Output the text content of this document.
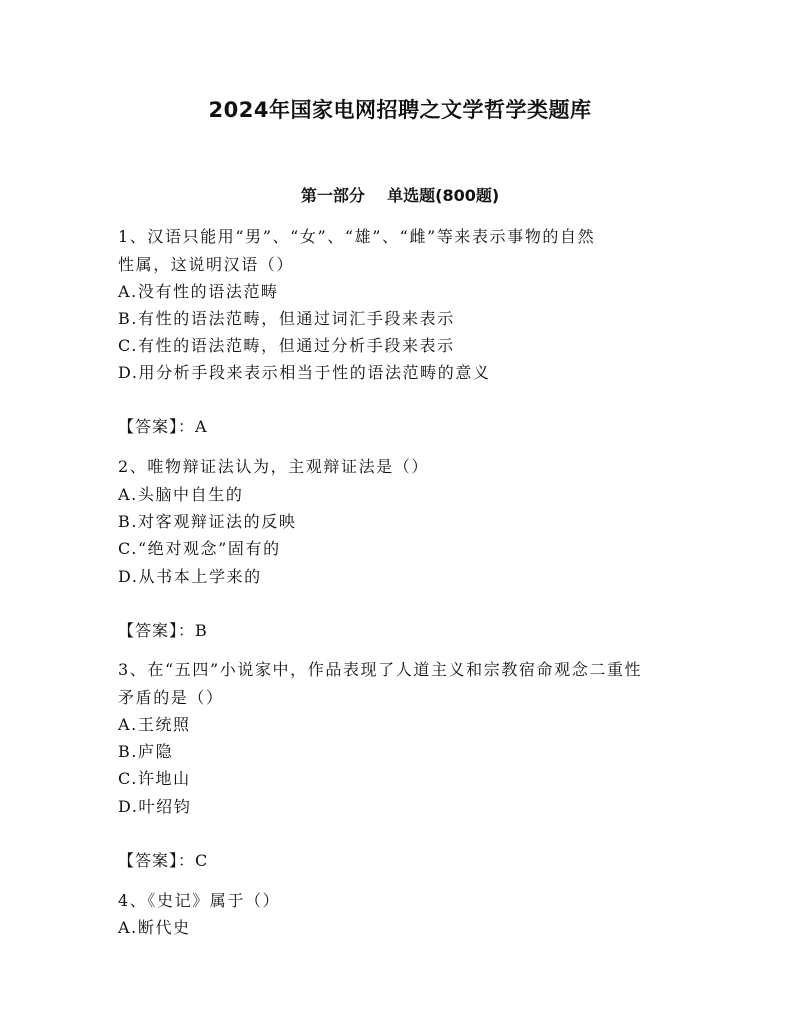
2024年国家电网招聘之文学哲学类题库
第一部分    单选题(800题)
1、汉语只能用“男”、“女”、“雄”、“雌”等来表示事物的自然
性属，这说明汉语（）
A.没有性的语法范畴
B.有性的语法范畴，但通过词汇手段来表示
C.有性的语法范畴，但通过分析手段来表示
D.用分析手段来表示相当于性的语法范畴的意义
【答案】：A
2、唯物辩证法认为，主观辩证法是（）
A.头脑中自生的
B.对客观辩证法的反映
C.“绝对观念”固有的
D.从书本上学来的
【答案】：B
3、在“五四”小说家中，作品表现了人道主义和宗教宿命观念二重性
矛盾的是（）
A.王统照
B.庐隐
C.许地山
D.叶绍钧
【答案】：C
4、《史记》属于（）
A.断代史
